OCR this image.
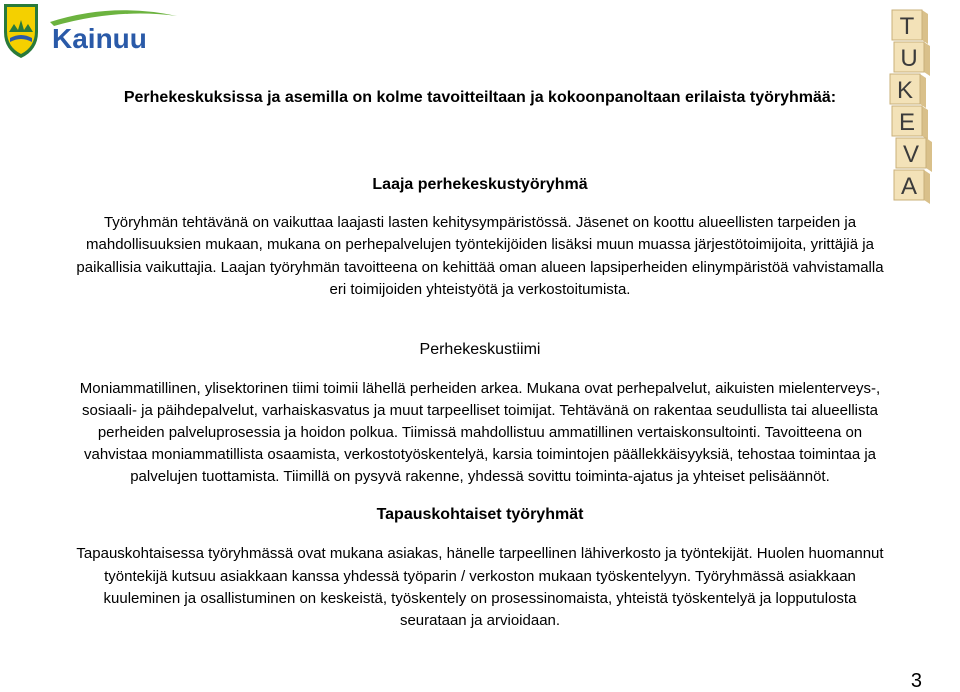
Kainuu	T
U
K
E
V
A

Perhekeskuksissa ja asemilla on kolme tavoitteiltaan ja kokoonpanoltaan erilaista työryhmää:

Laaja perhekeskustyöryhmä

Työryhmän tehtävänä on vaikuttaa laajasti lasten kehitysympäristössä. Jäsenet on koottu alueellisten tarpeiden ja

mahdollisuuksien mukaan, mukana on perhepalvelujen työntekijöiden lisäksi muun muassa järjestötoimijoita, yrittäjiä ja

paikallisia vaikuttajia. Laajan työryhmän tavoitteena on kehittää oman alueen lapsiperheiden elinympäristöä vahvistamalla

eri toimijoiden yhteistyötä ja verkostoitumista.

Perhekeskustiimi

Moniammatillinen, ylisektorinen tiimi toimii lähellä perheiden arkea. Mukana ovat perhepalvelut, aikuisten mielenterveys-,

sosiaali- ja päihdepalvelut, varhaiskasvatus ja muut tarpeelliset toimijat. Tehtävänä on rakentaa seudullista tai alueellista

perheiden palveluprosessia ja hoidon polkua. Tiimissä mahdollistuu ammatillinen vertaiskonsultointi. Tavoitteena on

vahvistaa moniammatillista osaamista, verkostotyöskentelyä, karsia toimintojen päällekkäisyyksiä, tehostaa toimintaa ja

palvelujen tuottamista. Tiimillä on pysyvä rakenne, yhdessä sovittu toiminta-ajatus ja yhteiset pelisäännöt.

Tapauskohtaiset työryhmät

Tapauskohtaisessa työryhmässä ovat mukana asiakas, hänelle tarpeellinen lähiverkosto ja työntekijät. Huolen huomannut

työntekijä kutsuu asiakkaan kanssa yhdessä työparin / verkoston mukaan työskentelyyn. Työryhmässä asiakkaan

kuuleminen ja osallistuminen on keskeistä, työskentely on prosessinomaista, yhteistä työskentelyä ja lopputulosta

seurataan ja arvioidaan.

3
